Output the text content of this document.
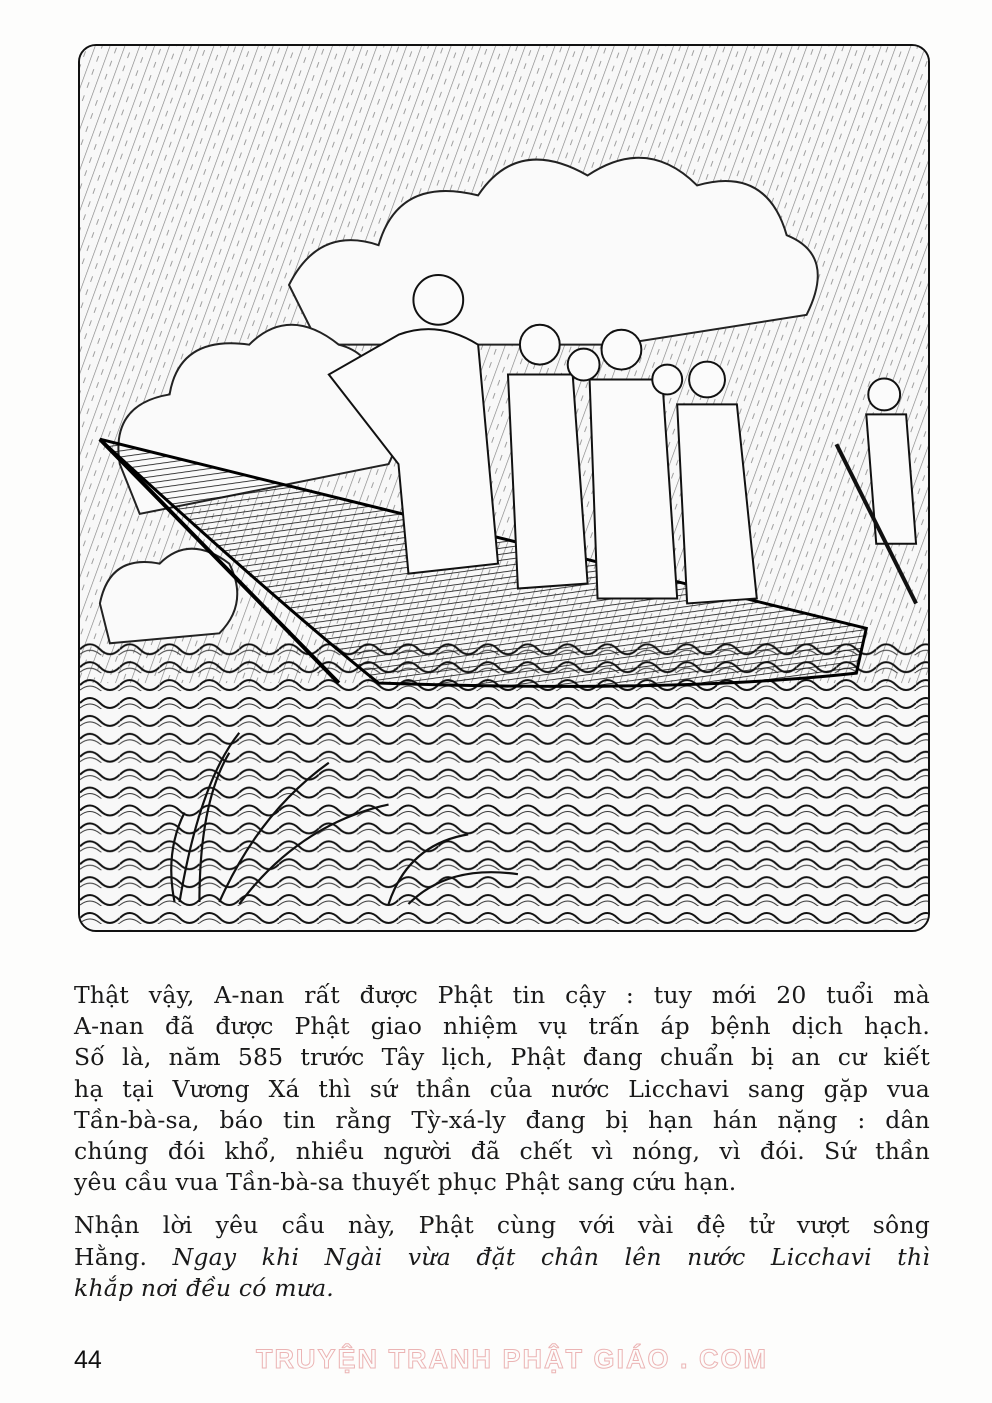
Thật vậy, A-nan rất được Phật tin cậy : tuy mới 20 tuổi mà
A-nan đã được Phật giao nhiệm vụ trấn áp bệnh dịch hạch.
Số là, năm 585 trước Tây lịch, Phật đang chuẩn bị an cư kiết
hạ tại Vương Xá thì sứ thần của nước Licchavi sang gặp vua
Tần-bà-sa, báo tin rằng Tỳ-xá-ly đang bị hạn hán nặng : dân
chúng đói khổ, nhiều người đã chết vì nóng, vì đói. Sứ thần
yêu cầu vua Tần-bà-sa thuyết phục Phật sang cứu hạn.
Nhận lời yêu cầu này, Phật cùng với vài đệ tử vượt sông
Hằng. Ngay khi Ngài vừa đặt chân lên nước Licchavi thì
khắp nơi đều có mưa.
44	TRUYỆN TRANH PHẬT GIÁO . COM
